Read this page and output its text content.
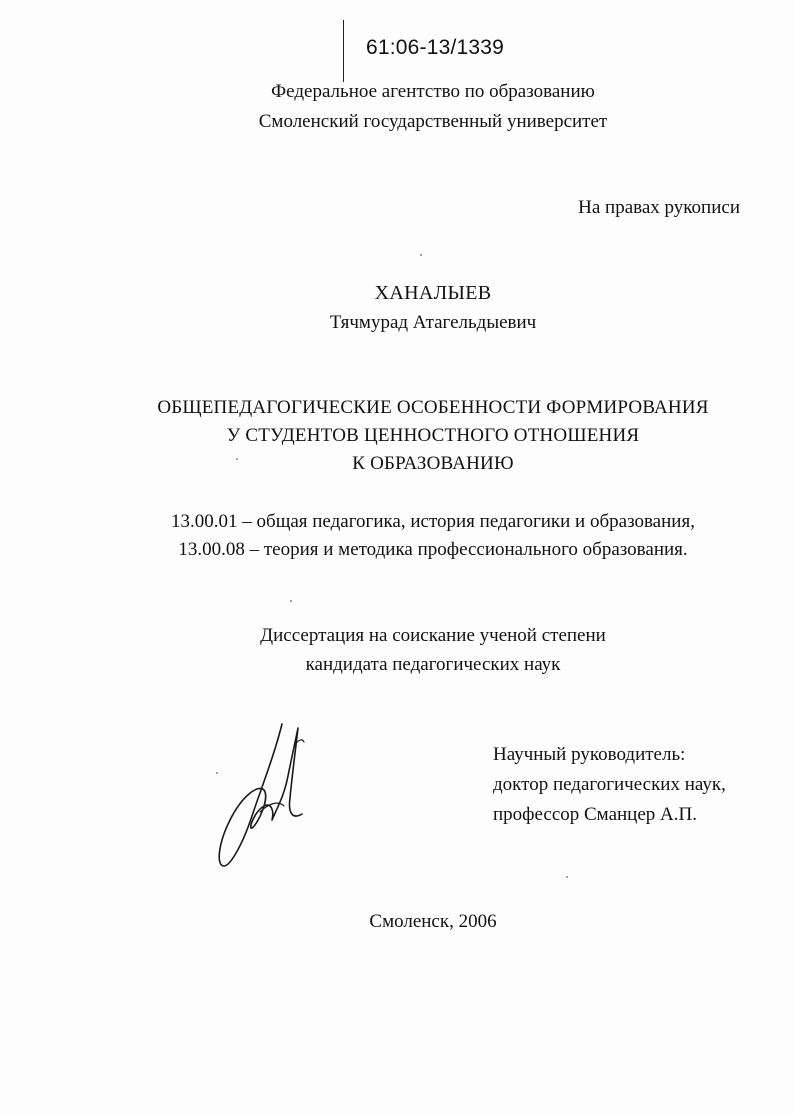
61:06-13/1339
Федеральное агентство по образованию
Смоленский государственный университет
На правах рукописи
ХАНАЛЫЕВ
Тячмурад Атагельдыевич
ОБЩЕПЕДАГОГИЧЕСКИЕ ОСОБЕННОСТИ ФОРМИРОВАНИЯ
У СТУДЕНТОВ ЦЕННОСТНОГО ОТНОШЕНИЯ
К ОБРАЗОВАНИЮ
13.00.01 – общая педагогика, история педагогики и образования,
13.00.08 – теория и методика профессионального образования.
Диссертация на соискание ученой степени
кандидата педагогических наук
Научный руководитель:
доктор педагогических наук,
профессор Сманцер А.П.
Смоленск, 2006
